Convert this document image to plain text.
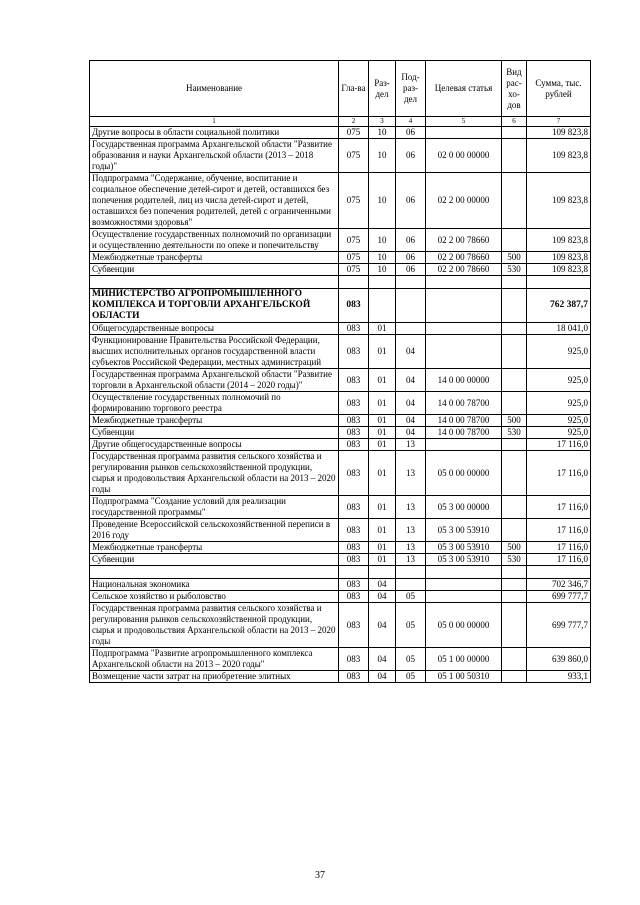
Наименование	Гла-ва	Раз-дел	Под-раз-дел	Целевая статья	Вид рас-хо-дов	Сумма, тыс. рублей
1	2	3	4	5	6	7
Другие вопросы в области социальной политики	075	10	06			109 823,8
Государственная программа Архангельской области "Развитие образования и науки Архангельской области (2013 – 2018 годы)"	075	10	06	02 0 00 00000		109 823,8
Подпрограмма "Содержание, обучение, воспитание и социальное обеспечение детей-сирот и детей, оставшихся без попечения родителей, лиц из числа детей-сирот и детей, оставшихся без попечения родителей, детей с ограниченными возможностями здоровья"	075	10	06	02 2 00 00000		109 823,8
Осуществление государственных полномочий по организации и осуществлению деятельности по опеке и попечительству	075	10	06	02 2 00 78660		109 823,8
Межбюджетные трансферты	075	10	06	02 2 00 78660	500	109 823,8
Субвенции	075	10	06	02 2 00 78660	530	109 823,8

МИНИСТЕРСТВО АГРОПРОМЫШЛЕННОГО КОМПЛЕКСА И ТОРГОВЛИ АРХАНГЕЛЬСКОЙ ОБЛАСТИ	083					762 387,7
Общегосударственные вопросы	083	01				18 041,0
Функционирование Правительства Российской Федерации, высших исполнительных органов государственной власти субъектов Российской Федерации, местных администраций	083	01	04			925,0
Государственная программа Архангельской области "Развитие торговли в Архангельской области (2014 – 2020 годы)"	083	01	04	14 0 00 00000		925,0
Осуществление государственных полномочий по формированию торгового реестра	083	01	04	14 0 00 78700		925,0
Межбюджетные трансферты	083	01	04	14 0 00 78700	500	925,0
Субвенции	083	01	04	14 0 00 78700	530	925,0
Другие общегосударственные вопросы	083	01	13			17 116,0
Государственная программа развития сельского хозяйства и регулирования рынков сельскохозяйственной продукции, сырья и продовольствия Архангельской области на 2013 – 2020 годы	083	01	13	05 0 00 00000		17 116,0
Подпрограмма "Создание условий для реализации государственной программы"	083	01	13	05 3 00 00000		17 116,0
Проведение Всероссийской сельскохозяйственной переписи в 2016 году	083	01	13	05 3 00 53910		17 116,0
Межбюджетные трансферты	083	01	13	05 3 00 53910	500	17 116,0
Субвенции	083	01	13	05 3 00 53910	530	17 116,0

Национальная экономика	083	04				702 346,7
Сельское хозяйство и рыболовство	083	04	05			699 777,7
Государственная программа развития сельского хозяйства и регулирования рынков сельскохозяйственной продукции, сырья и продовольствия Архангельской области на 2013 – 2020 годы	083	04	05	05 0 00 00000		699 777,7
Подпрограмма "Развитие агропромышленного комплекса Архангельской области на 2013 – 2020 годы"	083	04	05	05 1 00 00000		639 860,0
Возмещение части затрат на приобретение элитных	083	04	05	05 1 00 50310		933,1
37
